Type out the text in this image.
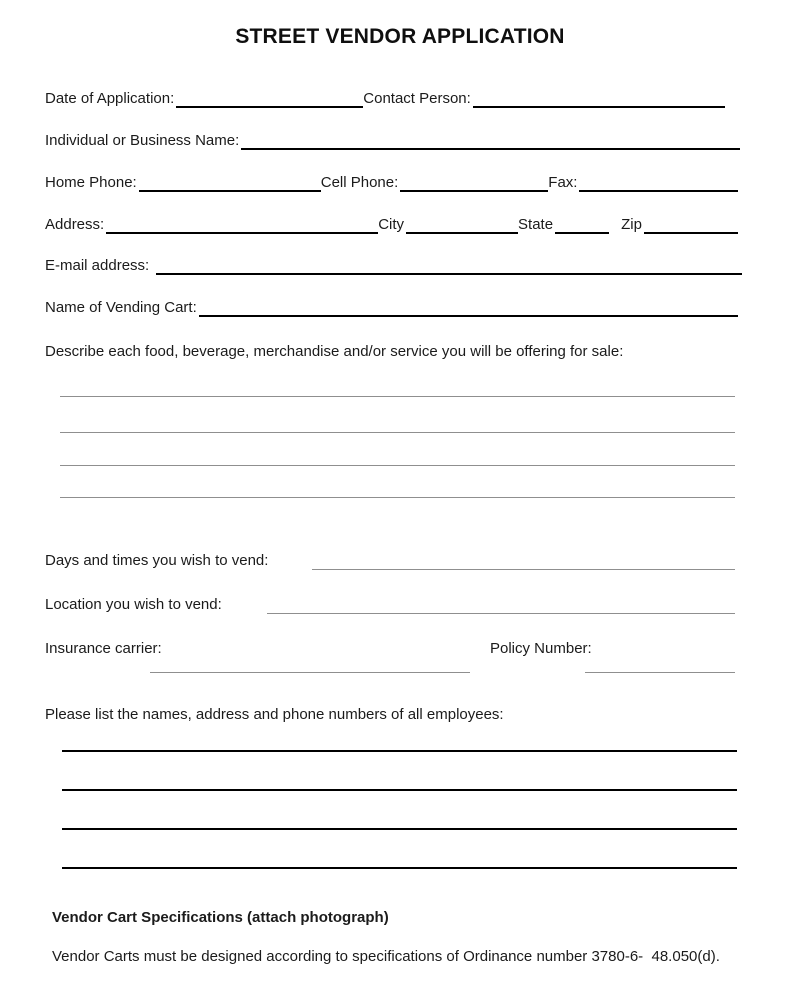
STREET VENDOR APPLICATION
Date of Application:	Contact Person:
Individual or Business Name:
Home Phone:	Cell Phone:	Fax:
Address:	City	State	Zip
E-mail address:
Name of Vending Cart:
Describe each food, beverage, merchandise and/or service you will be offering for sale:
Days and times you wish to vend:
Location you wish to vend:
Insurance carrier:	Policy Number:
Please list the names, address and phone numbers of all employees:
Vendor Cart Specifications (attach photograph)
Vendor Carts must be designed according to specifications of Ordinance number 3780-6-  48.050(d).
